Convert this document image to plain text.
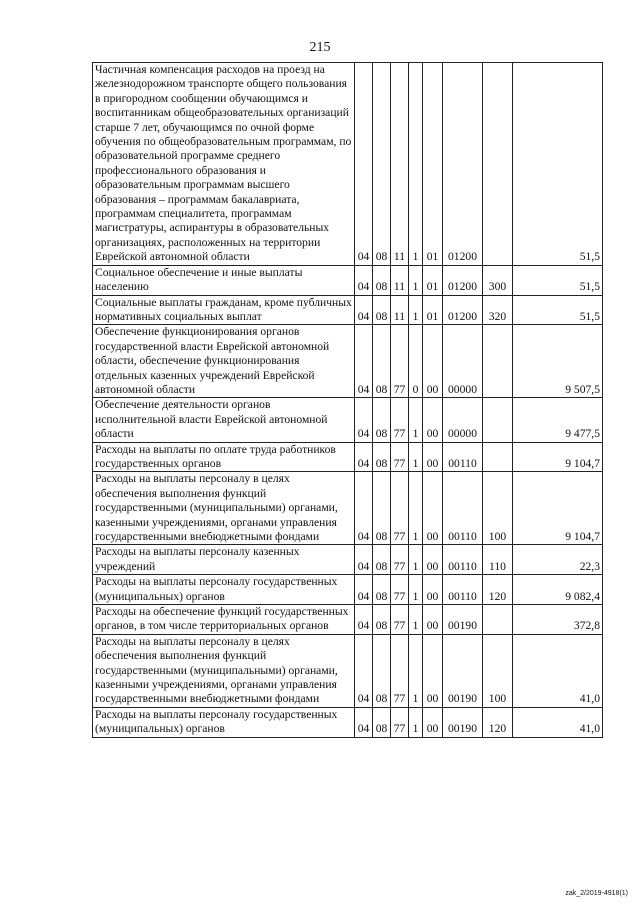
215
Частичная компенсация расходов на проезд на железнодорожном транспорте общего пользования в пригородном сообщении обучающимся и воспитанникам общеобразовательных организаций старше 7 лет, обучающимся по очной форме обучения по общеобразовательным программам, по образовательной программе среднего профессионального образования и образовательным программам высшего образования – программам бакалавриата, программам специалитета, программам магистратуры, аспирантуры в образовательных организациях, расположенных на территории Еврейской автономной области	04	08	11	1	01	01200		51,5
Социальное обеспечение и иные выплаты населению	04	08	11	1	01	01200	300	51,5
Социальные выплаты гражданам, кроме публичных нормативных социальных выплат	04	08	11	1	01	01200	320	51,5
Обеспечение функционирования органов государственной власти Еврейской автономной области, обеспечение функционирования отдельных казенных учреждений Еврейской автономной области	04	08	77	0	00	00000		9 507,5
Обеспечение деятельности органов исполнительной власти Еврейской автономной области	04	08	77	1	00	00000		9 477,5
Расходы на выплаты по оплате труда работников государственных органов	04	08	77	1	00	00110		9 104,7
Расходы на выплаты персоналу в целях обеспечения выполнения функций государственными (муниципальными) органами, казенными учреждениями, органами управления государственными внебюджетными фондами	04	08	77	1	00	00110	100	9 104,7
Расходы на выплаты персоналу казенных учреждений	04	08	77	1	00	00110	110	22,3
Расходы на выплаты персоналу государственных (муниципальных) органов	04	08	77	1	00	00110	120	9 082,4
Расходы на обеспечение функций государственных органов, в том числе территориальных органов	04	08	77	1	00	00190		372,8
Расходы на выплаты персоналу в целях обеспечения выполнения функций государственными (муниципальными) органами, казенными учреждениями, органами управления государственными внебюджетными фондами	04	08	77	1	00	00190	100	41,0
Расходы на выплаты персоналу государственных (муниципальных) органов	04	08	77	1	00	00190	120	41,0
zak_2/2019-4918(1)
